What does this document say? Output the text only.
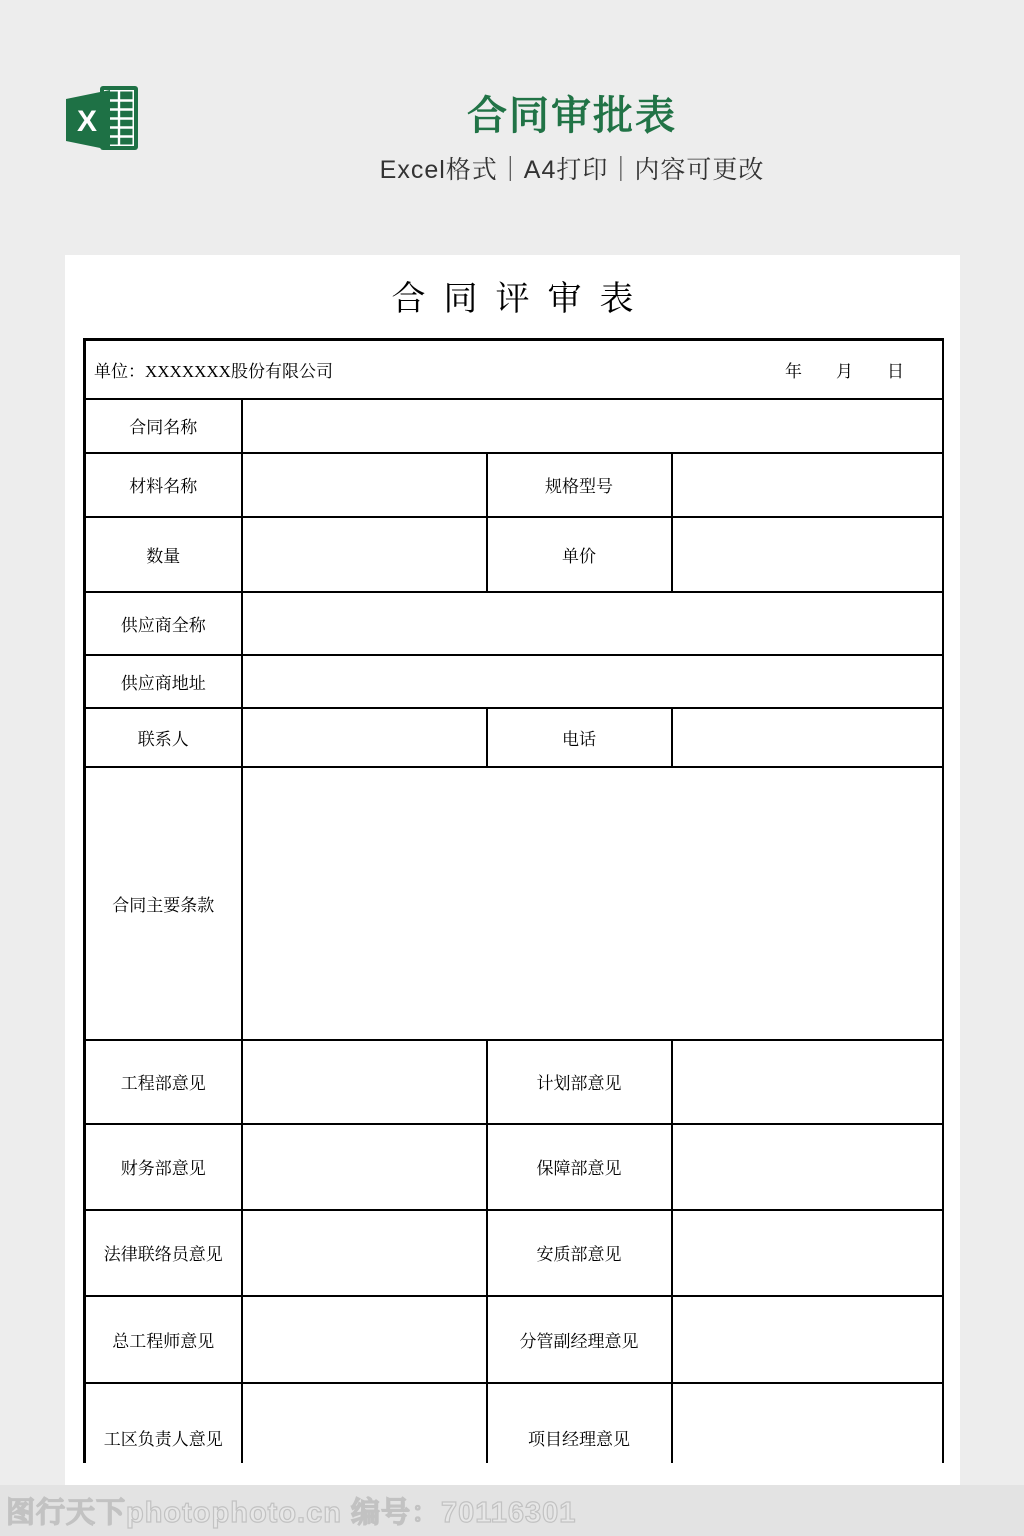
X	合同审批表
Excel格式｜A4打印｜内容可更改
合同评审表
单位：XXXXXXX股份有限公司 年　　月　　日			

合同名称			
材料名称		规格型号	
数量		单价	
供应商全称			
供应商地址			
联系人		电话	
合同主要条款			
工程部意见		计划部意见	
财务部意见		保障部意见	
法律联络员意见		安质部意见	
总工程师意见		分管副经理意见	
工区负责人意见		项目经理意见	
图行天下photophoto.cn 编号：70116301
